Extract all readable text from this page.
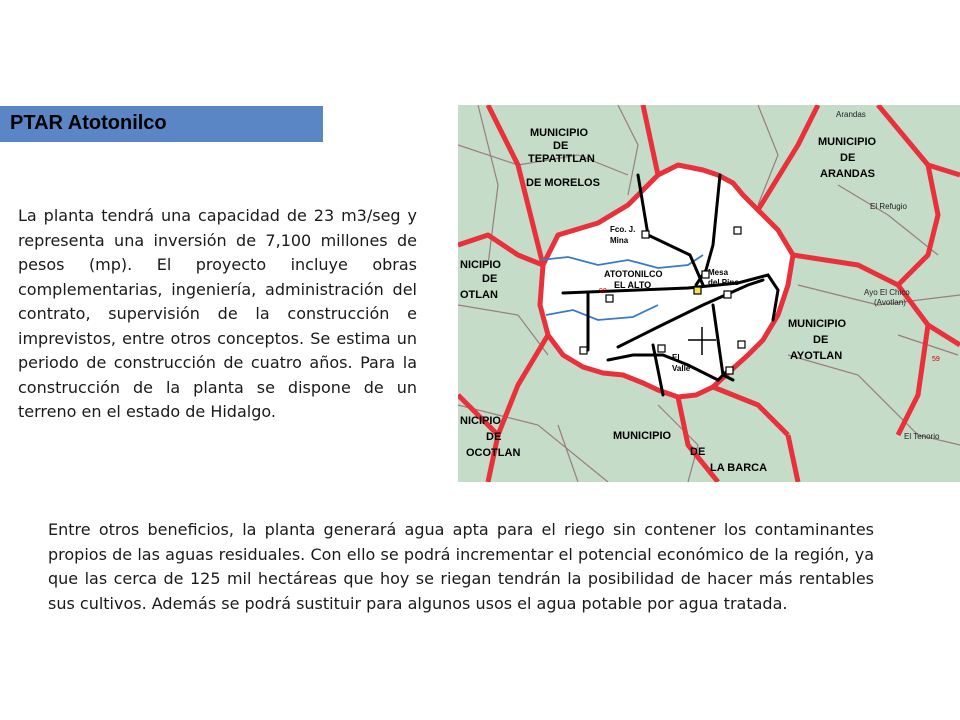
PTAR Atotonilco

La planta tendrá una capacidad de 23 m3/seg y representa una inversión de 7,100 millones de pesos (mp). El proyecto incluye obras complementarias, ingeniería, administración del contrato, supervisión de la construcción e imprevistos, entre otros conceptos. Se estima un periodo de construcción de cuatro años. Para la construcción de la planta se dispone de un terreno en el estado de Hidalgo.

MUNICIPIO
DE
TEPATITLAN
DE MORELOS
MUNICIPIO
DE
ARANDAS
MUNICIPIO
DE
AYOTLAN
MUNICIPIO
DE
LA BARCA
NICIPIO
DE
OTLAN
NICIPIO
DE
OCOTLAN
ATOTONILCO
EL ALTO
Fco. J.
Mina
Mesa
del Pino
El
Valle
Arandas
Ayo El Chico
(Avotlan)
El Refugio
El Tenorio
90
59

Entre otros beneficios, la planta generará agua apta para el riego sin contener los contaminantes propios de las aguas residuales. Con ello se podrá incrementar el potencial económico de la región, ya que las cerca de 125 mil hectáreas que hoy se riegan tendrán la posibilidad de hacer más rentables sus cultivos. Además se podrá sustituir para algunos usos el agua potable por agua tratada.
